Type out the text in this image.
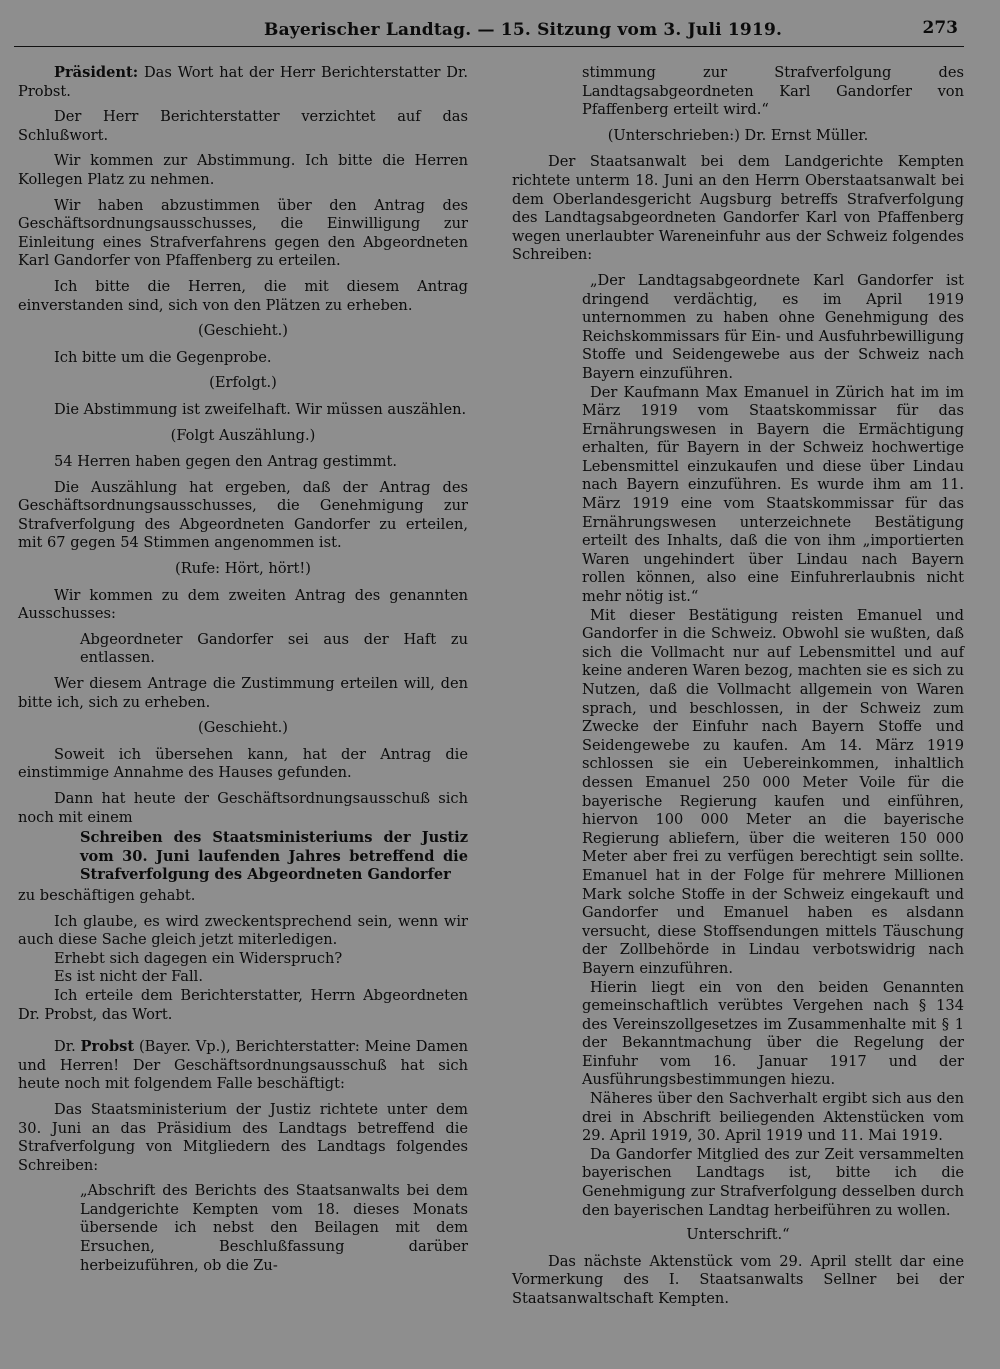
Bayerischer Landtag. — 15. Sitzung vom 3. Juli 1919.	273

Präsident: Das Wort hat der Herr Berichterstatter Dr. Probst.

Der Herr Berichterstatter verzichtet auf das Schlußwort.

Wir kommen zur Abstimmung. Ich bitte die Herren Kollegen Platz zu nehmen.

Wir haben abzustimmen über den Antrag des Geschäftsordnungsausschusses, die Einwilligung zur Einleitung eines Strafverfahrens gegen den Abgeordneten Karl Gandorfer von Pfaffenberg zu erteilen.

Ich bitte die Herren, die mit diesem Antrag einverstanden sind, sich von den Plätzen zu erheben.

(Geschieht.)

Ich bitte um die Gegenprobe.

(Erfolgt.)

Die Abstimmung ist zweifelhaft. Wir müssen auszählen.

(Folgt Auszählung.)

54 Herren haben gegen den Antrag gestimmt.

Die Auszählung hat ergeben, daß der Antrag des Geschäftsordnungsausschusses, die Genehmigung zur Strafverfolgung des Abgeordneten Gandorfer zu erteilen, mit 67 gegen 54 Stimmen angenommen ist.

(Rufe: Hört, hört!)

Wir kommen zu dem zweiten Antrag des genannten Ausschusses:

Abgeordneter Gandorfer sei aus der Haft zu entlassen.

Wer diesem Antrage die Zustimmung erteilen will, den bitte ich, sich zu erheben.

(Geschieht.)

Soweit ich übersehen kann, hat der Antrag die einstimmige Annahme des Hauses gefunden.

Dann hat heute der Geschäftsordnungsausschuß sich noch mit einem

Schreiben des Staatsministeriums der Justiz vom 30. Juni laufenden Jahres betreffend die Strafverfolgung des Abgeordneten Gandorfer

zu beschäftigen gehabt.

Ich glaube, es wird zweckentsprechend sein, wenn wir auch diese Sache gleich jetzt miterledigen.

Erhebt sich dagegen ein Widerspruch?

Es ist nicht der Fall.

Ich erteile dem Berichterstatter, Herrn Abgeordneten Dr. Probst, das Wort.

Dr. Probst (Bayer. Vp.), Berichterstatter: Meine Damen und Herren! Der Geschäftsordnungsausschuß hat sich heute noch mit folgendem Falle beschäftigt:

Das Staatsministerium der Justiz richtete unter dem 30. Juni an das Präsidium des Landtags betreffend die Strafverfolgung von Mitgliedern des Landtags folgendes Schreiben:

„Abschrift des Berichts des Staatsanwalts bei dem Landgerichte Kempten vom 18. dieses Monats übersende ich nebst den Beilagen mit dem Ersuchen, Beschlußfassung darüber herbeizuführen, ob die Zu-

stimmung zur Strafverfolgung des Landtagsabgeordneten Karl Gandorfer von Pfaffenberg erteilt wird.“

(Unterschrieben:) Dr. Ernst Müller.

Der Staatsanwalt bei dem Landgerichte Kempten richtete unterm 18. Juni an den Herrn Oberstaatsanwalt bei dem Oberlandesgericht Augsburg betreffs Strafverfolgung des Landtagsabgeordneten Gandorfer Karl von Pfaffenberg wegen unerlaubter Wareneinfuhr aus der Schweiz folgendes Schreiben:

„Der Landtagsabgeordnete Karl Gandorfer ist dringend verdächtig, es im April 1919 unternommen zu haben ohne Genehmigung des Reichskommissars für Ein- und Ausfuhrbewilligung Stoffe und Seidengewebe aus der Schweiz nach Bayern einzuführen.

Der Kaufmann Max Emanuel in Zürich hat im im März 1919 vom Staatskommissar für das Ernährungswesen in Bayern die Ermächtigung erhalten, für Bayern in der Schweiz hochwertige Lebensmittel einzukaufen und diese über Lindau nach Bayern einzuführen. Es wurde ihm am 11. März 1919 eine vom Staatskommissar für das Ernährungswesen unterzeichnete Bestätigung erteilt des Inhalts, daß die von ihm „importierten Waren ungehindert über Lindau nach Bayern rollen können, also eine Einfuhrerlaubnis nicht mehr nötig ist.“

Mit dieser Bestätigung reisten Emanuel und Gandorfer in die Schweiz. Obwohl sie wußten, daß sich die Vollmacht nur auf Lebensmittel und auf keine anderen Waren bezog, machten sie es sich zu Nutzen, daß die Vollmacht allgemein von Waren sprach, und beschlossen, in der Schweiz zum Zwecke der Einfuhr nach Bayern Stoffe und Seidengewebe zu kaufen. Am 14. März 1919 schlossen sie ein Uebereinkommen, inhaltlich dessen Emanuel 250 000 Meter Voile für die bayerische Regierung kaufen und einführen, hiervon 100 000 Meter an die bayerische Regierung abliefern, über die weiteren 150 000 Meter aber frei zu verfügen berechtigt sein sollte. Emanuel hat in der Folge für mehrere Millionen Mark solche Stoffe in der Schweiz eingekauft und Gandorfer und Emanuel haben es alsdann versucht, diese Stoffsendungen mittels Täuschung der Zollbehörde in Lindau verbotswidrig nach Bayern einzuführen.

Hierin liegt ein von den beiden Genannten gemeinschaftlich verübtes Vergehen nach § 134 des Vereinszollgesetzes im Zusammenhalte mit § 1 der Bekanntmachung über die Regelung der Einfuhr vom 16. Januar 1917 und der Ausführungsbestimmungen hiezu.

Näheres über den Sachverhalt ergibt sich aus den drei in Abschrift beiliegenden Aktenstücken vom 29. April 1919, 30. April 1919 und 11. Mai 1919.

Da Gandorfer Mitglied des zur Zeit versammelten bayerischen Landtags ist, bitte ich die Genehmigung zur Strafverfolgung desselben durch den bayerischen Landtag herbeiführen zu wollen.

Unterschrift.“

Das nächste Aktenstück vom 29. April stellt dar eine Vormerkung des I. Staatsanwalts Sellner bei der Staatsanwaltschaft Kempten.
